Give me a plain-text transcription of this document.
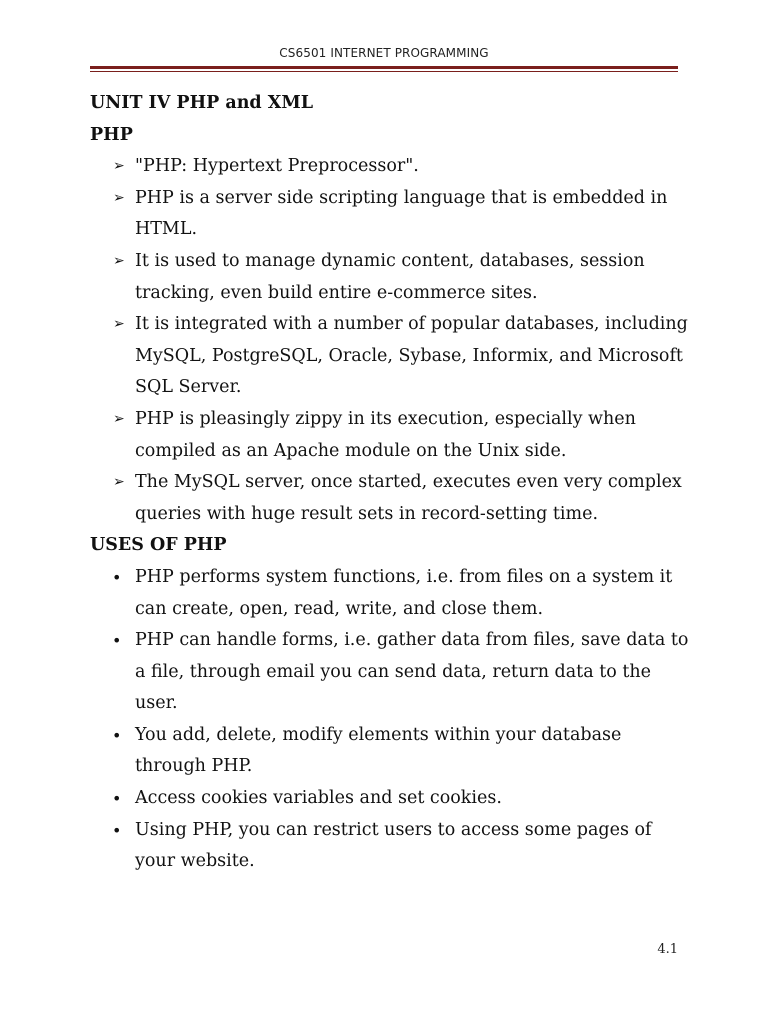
CS6501 INTERNET PROGRAMMING

UNIT IV PHP and XML

PHP

➢ "PHP: Hypertext Preprocessor".
➢ PHP is a server side scripting language that is embedded in HTML.
➢ It is used to manage dynamic content, databases, session tracking, even build entire e-commerce sites.
➢ It is integrated with a number of popular databases, including MySQL, PostgreSQL, Oracle, Sybase, Informix, and Microsoft SQL Server.
➢ PHP is pleasingly zippy in its execution, especially when compiled as an Apache module on the Unix side.
➢ The MySQL server, once started, executes even very complex queries with huge result sets in record-setting time.

USES OF PHP

• PHP performs system functions, i.e. from files on a system it can create, open, read, write, and close them.
• PHP can handle forms, i.e. gather data from files, save data to a file, through email you can send data, return data to the user.
• You add, delete, modify elements within your database through PHP.
• Access cookies variables and set cookies.
• Using PHP, you can restrict users to access some pages of your website.
4.1
